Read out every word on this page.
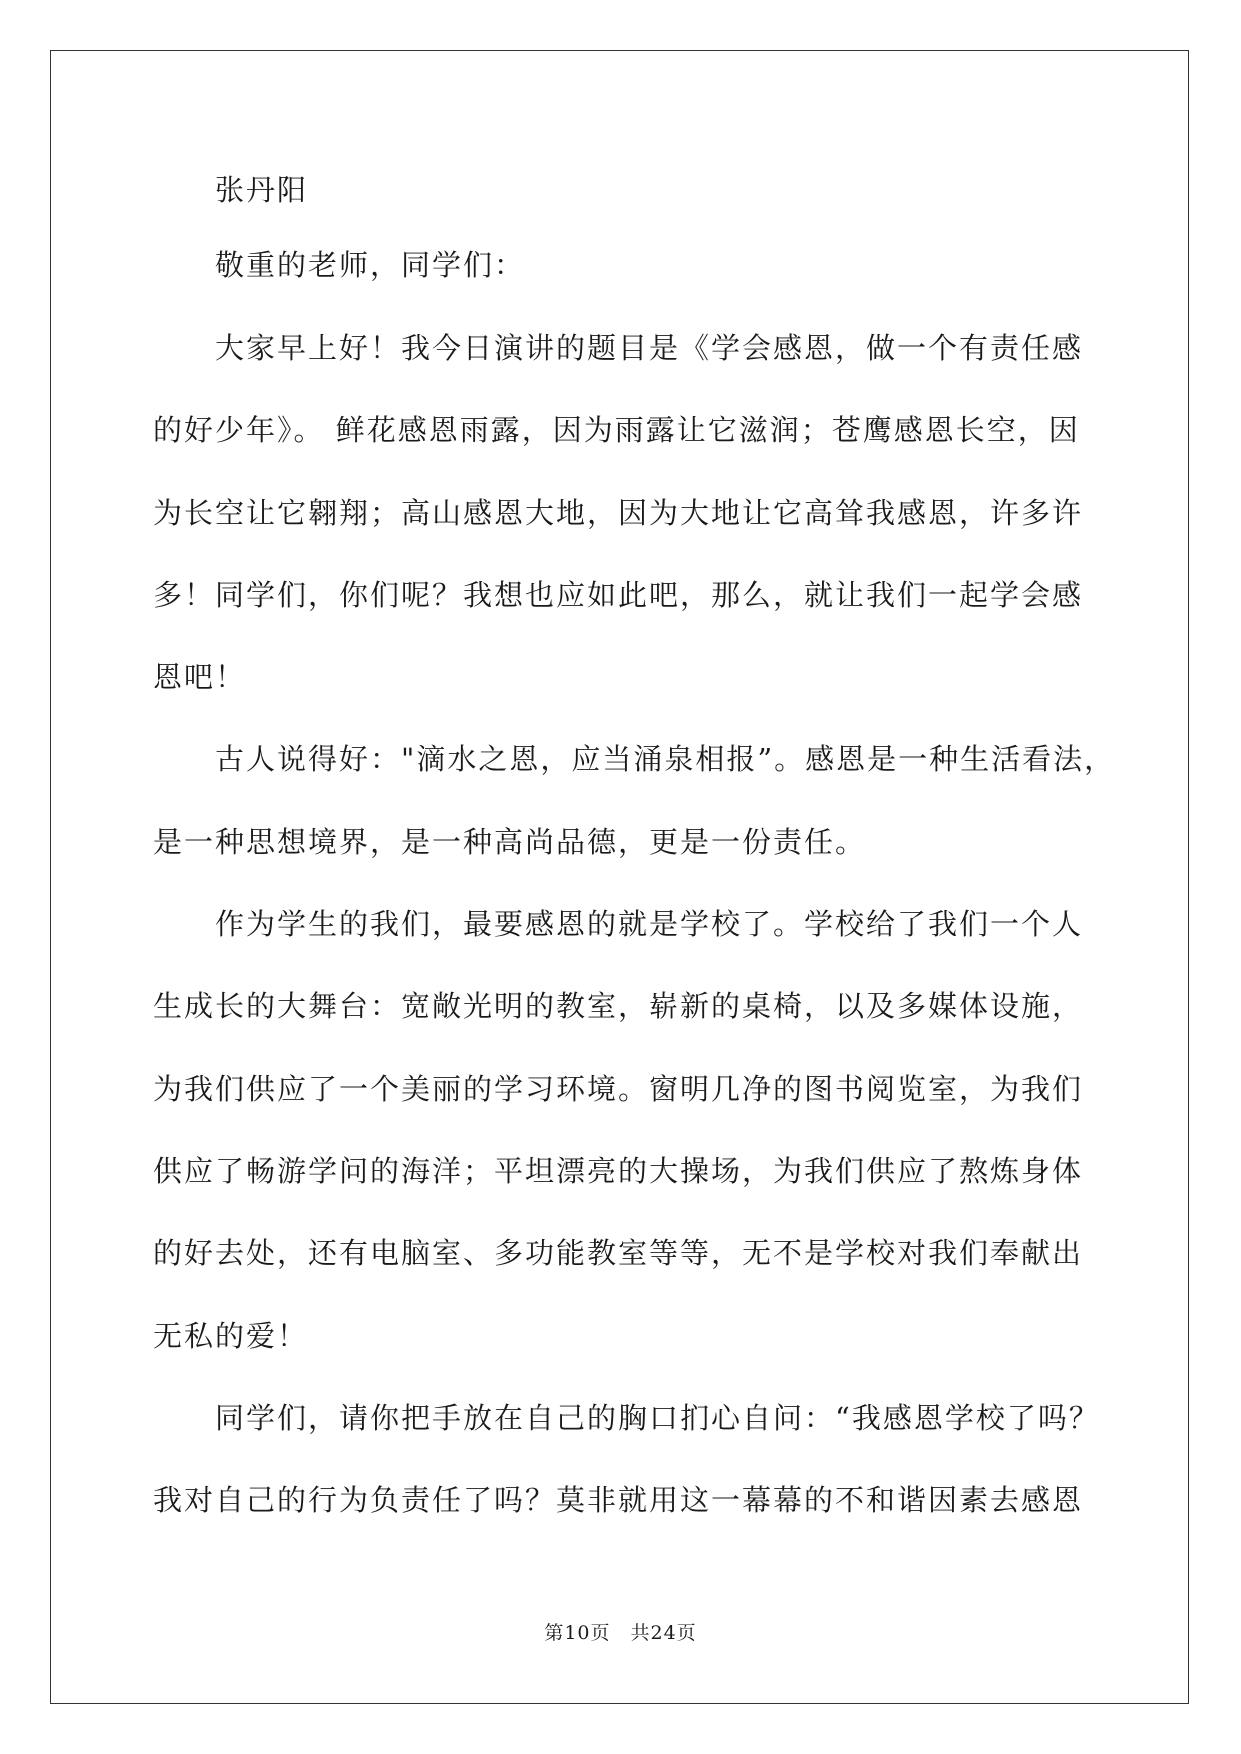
张丹阳
敬重的老师，同学们：
大家早上好！我今日演讲的题目是《学会感恩，做一个有责任感
的好少年》。 鲜花感恩雨露，因为雨露让它滋润；苍鹰感恩长空，因
为长空让它翱翔；高山感恩大地，因为大地让它高耸我感恩，许多许
多！同学们，你们呢？我想也应如此吧，那么，就让我们一起学会感
恩吧！
古人说得好："滴水之恩，应当涌泉相报”。感恩是一种生活看法，
是一种思想境界，是一种高尚品德，更是一份责任。
作为学生的我们，最要感恩的就是学校了。学校给了我们一个人
生成长的大舞台：宽敞光明的教室，崭新的桌椅，以及多媒体设施，
为我们供应了一个美丽的学习环境。窗明几净的图书阅览室，为我们
供应了畅游学问的海洋；平坦漂亮的大操场，为我们供应了熬炼身体
的好去处，还有电脑室、多功能教室等等，无不是学校对我们奉献出
无私的爱！
同学们，请你把手放在自己的胸口扪心自问：“我感恩学校了吗？
我对自己的行为负责任了吗？莫非就用这一幕幕的不和谐因素去感恩
第10页　共24页
